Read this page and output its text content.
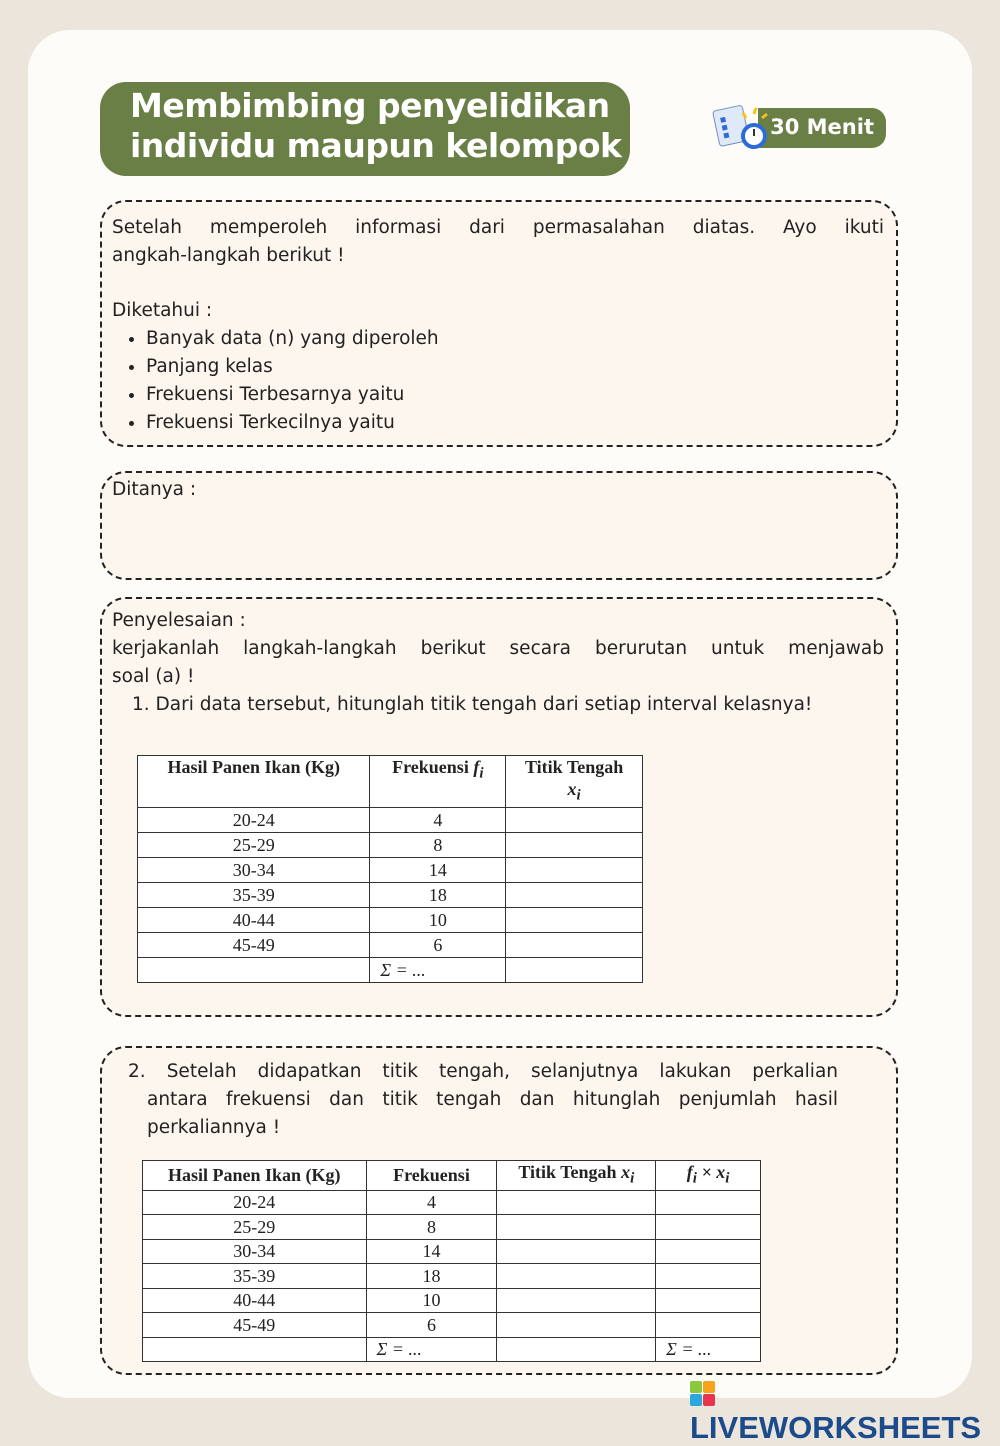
Membimbing penyelidikan
individu maupun kelompok	30 Menit
Setelah memperoleh informasi dari permasalahan diatas. Ayo ikuti
angkah-langkah berikut !
Diketahui :
• Banyak data (n) yang diperoleh
• Panjang kelas
• Frekuensi Terbesarnya yaitu
• Frekuensi Terkecilnya yaitu
Ditanya :
Penyelesaian :
kerjakanlah langkah-langkah berikut secara berurutan untuk menjawab
soal (a) !
1. Dari data tersebut, hitunglah titik tengah dari setiap interval kelasnya!
Hasil Panen Ikan (Kg)	Frekuensi $f_i$	Titik Tengah
$x_i$
20-24	4	
25-29	8	
30-34	14	
35-39	18	
40-44	10	
45-49	6	
	Σ = ...	
2. Setelah didapatkan titik tengah, selanjutnya lakukan perkalian
antara frekuensi dan titik tengah dan hitunglah penjumlah hasil
perkaliannya !
Hasil Panen Ikan (Kg)	Frekuensi	Titik Tengah $x_i$	$f_i \times x_i$
20-24	4		
25-29	8		
30-34	14		
35-39	18		
40-44	10		
45-49	6		
	Σ = ...		Σ = ...
LIVEWORKSHEETS
